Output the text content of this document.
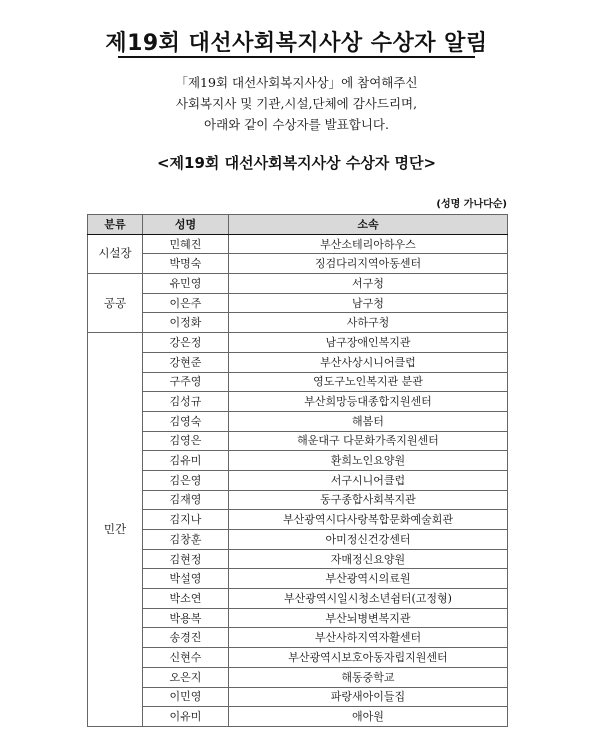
제19회 대선사회복지사상 수상자 알림
「제19회 대선사회복지사상」에 참여해주신
사회복지사 및 기관,시설,단체에 감사드리며,
아래와 같이 수상자를 발표합니다.
<제19회 대선사회복지사상 수상자 명단>
(성명 가나다순)
분류	성명	소속
시설장	민혜진	부산소테리아하우스
	박명숙	징검다리지역아동센터
공공	유민영	서구청
	이은주	남구청
	이정화	사하구청
민간	강은정	남구장애인복지관
	강현준	부산사상시니어클럽
	구주영	영도구노인복지관 분관
	김성규	부산희망등대종합지원센터
	김영숙	해봄터
	김영은	해운대구 다문화가족지원센터
	김유미	환희노인요양원
	김은영	서구시니어클럽
	김재영	동구종합사회복지관
	김지나	부산광역시다사랑복합문화예술회관
	김창훈	아미정신건강센터
	김현정	자매정신요양원
	박설영	부산광역시의료원
	박소연	부산광역시일시청소년쉼터(고정형)
	박용복	부산뇌병변복지관
	송경진	부산사하지역자활센터
	신현수	부산광역시보호아동자립지원센터
	오은지	해동중학교
	이민영	파랑새아이들집
	이유미	애아원
